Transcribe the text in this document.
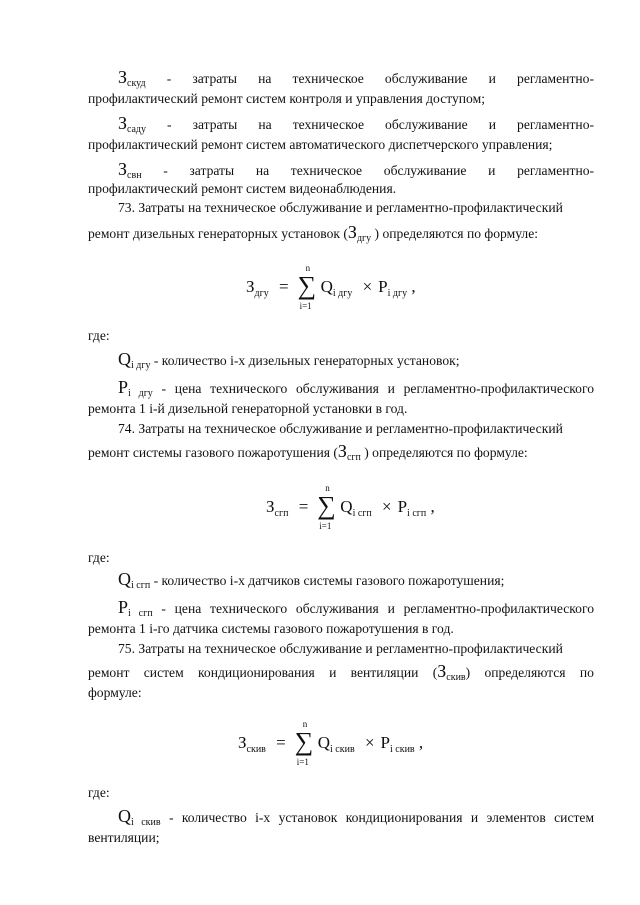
$З_{скуд}$ - затраты на техническое обслуживание и регламентно-
профилактический ремонт систем контроля и управления доступом;
$З_{сaду}$ - затраты на техническое обслуживание и регламентно-
профилактический ремонт систем автоматического диспетчерского управления;
$З_{свн}$ - затраты на техническое обслуживание и регламентно-
профилактический ремонт систем видеонаблюдения.
73. Затраты на техническое обслуживание и регламентно-профилактический
ремонт дизельных генераторных установок ($З_{дгу}$ ) определяются по формуле:
$З_{дгу}$ =
n
∑
i=1
$Q_{i дгу} \times P_{i дгу}$ ,
где:
$Q_{i дгу}$ - количество i-х дизельных генераторных установок;
$P_{i дгу}$ - цена технического обслуживания и регламентно-профилактического
ремонта 1 i-й дизельной генераторной установки в год.
74. Затраты на техническое обслуживание и регламентно-профилактический
ремонт системы газового пожаротушения ($З_{сгп}$ ) определяются по формуле:
$З_{сгп}$ =
n
∑
i=1
$Q_{i сгп} \times P_{i сгп}$ ,
где:
$Q_{i сгп}$ - количество i-х датчиков системы газового пожаротушения;
$P_{i сгп}$ - цена технического обслуживания и регламентно-профилактического
ремонта 1 i-го датчика системы газового пожаротушения в год.
75. Затраты на техническое обслуживание и регламентно-профилактический
ремонт систем кондиционирования и вентиляции $(З_{скив})$ определяются по
формуле:
$З_{скив}$ =
n
∑
i=1
$Q_{i скив} \times P_{i скив}$ ,
где:
$Q_{i скив}$ - количество i-х установок кондиционирования и элементов систем
вентиляции;
